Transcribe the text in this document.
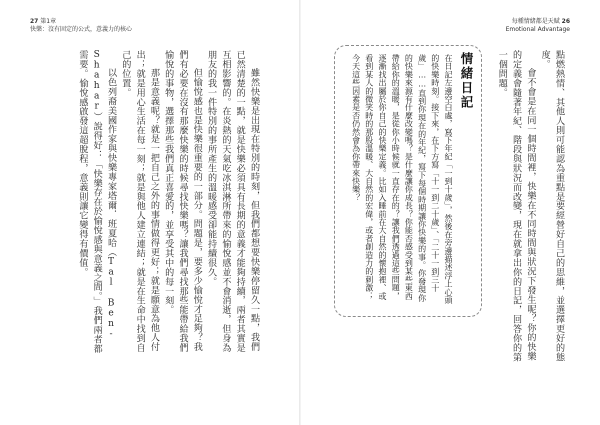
27 第1章
快樂：沒有固定的公式，意義力的核心
每種情緒都是天賦 26
Emotional Advantage

雖然快樂是出現在特別的時刻，但我們都想要快樂停留久一點，我們已然清楚的一點，就是快樂必須具有長期的意義才能夠持續，兩者其實是互相影響的。在炎熱的天氣吃冰淇淋所帶來的愉悅感並不會消逝，但身為朋友的我一件特別的事所產生的溫暖感受卻能持續很久。

但愉悅感也是快樂很重要的一部分。問題是，要多少愉悅才足夠？我們有必要在沒有那麼快樂的時候尋找快樂嗎？讓我們尋找那些能帶給我們愉悅的事物，選擇那些我們真正喜愛的，並享受其中的每一刻。

那是意義呢？就是一把自己之外的事情做得更好；就是願意為他人付出；就是用心生活在每一刻；就是與他人建立連結；就是在生命中找到自己的位置。

以色列裔美國作家與快樂專家塔爾．班夏哈（Tal Ben-Shahar）說得好：「快樂存在於愉悅感與意義之間。」我們兩者都需要。愉悅感啟發這超脫程，意義則讓它變得有價值。	情緒日記
在日記左邊空白處，寫下年紀「一到十歲」，然後在旁邊描述浮上心頭的快樂時刻。接下來，在下方寫「十一到二十歲」、「二十一到三十歲」……直到你現在的年紀，寫下每個時期讓你快樂的事。你發現你的快樂來源有什麼改變嗎？是什麼讓你成長？你能否感受到某些東西帶給你的溫暖，是從你小時候就一直存在的？讓我們透過這些問題，逐漸找出屬於你自己的快樂定義。比如入睡前在大自然的懷抱裡、或看到某人的微笑時的那股溫暖、大自然的宏偉，或者創造力的刺激；今天這些因素是否仍然會為你帶來快樂？	點燃熱情、其他人則可能認為重點是要經營好自己的思維，並選擇更好的態度。

會不會是在同一個時間裡，快樂在不同時間與狀況下發生呢？你的快樂的定義會隨著年紀、階段與狀況而改變，現在就拿出你的日記，回答你的第一個問題。
